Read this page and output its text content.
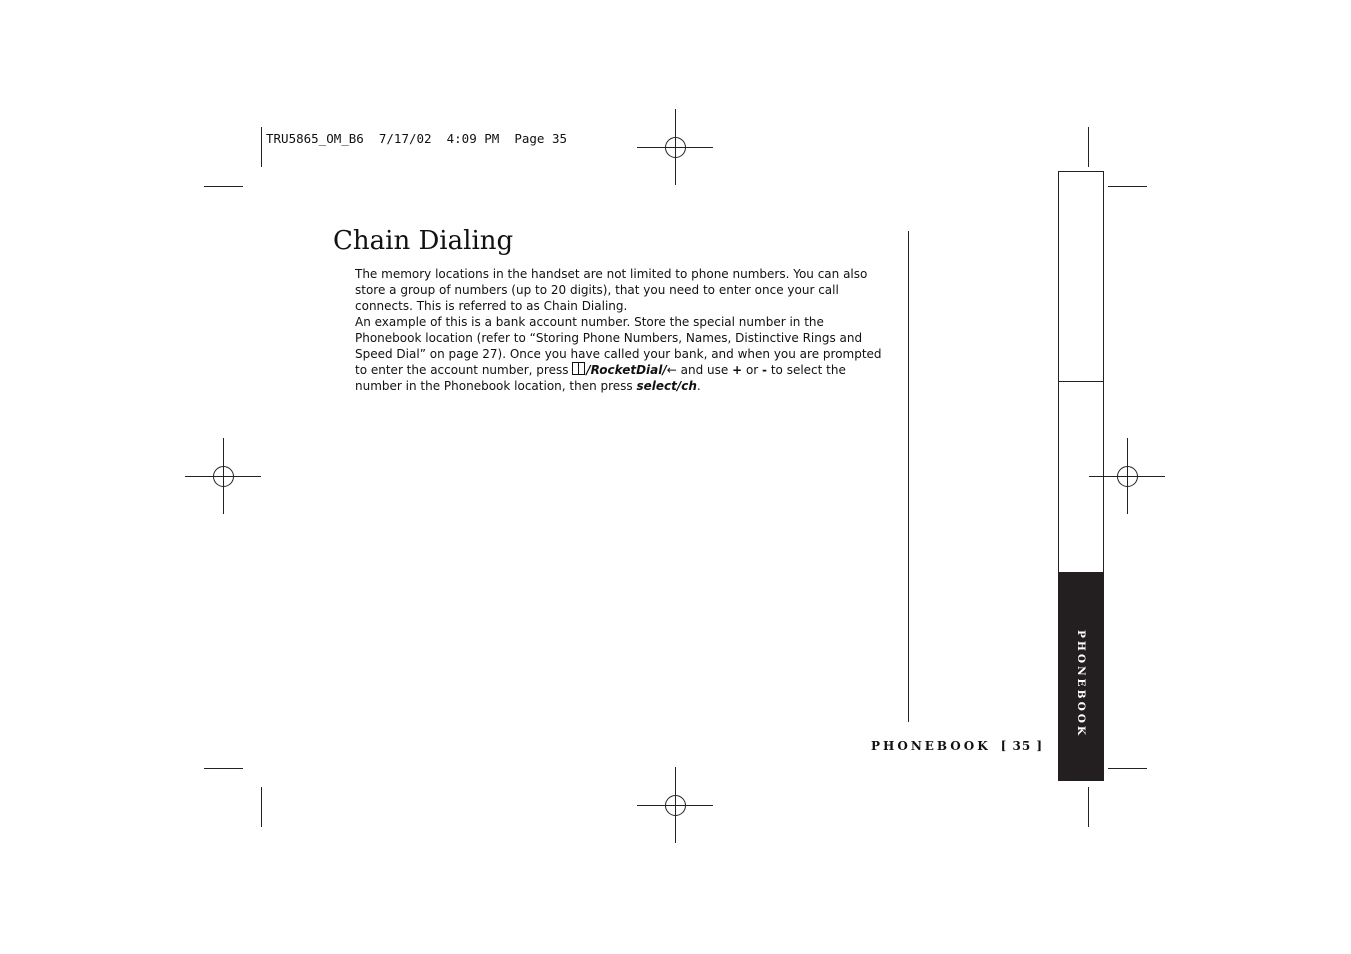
TRU5865_OM_B6  7/17/02  4:09 PM  Page 35
Chain Dialing

The memory locations in the handset are not limited to phone numbers. You can also store a group of numbers (up to 20 digits), that you need to enter once your call connects. This is referred to as Chain Dialing.

An example of this is a bank account number. Store the special number in the Phonebook location (refer to “Storing Phone Numbers, Names, Distinctive Rings and Speed Dial” on page 27). Once you have called your bank, and when you are prompted to enter the account number, press /RocketDial/← and use + or - to select the number in the Phonebook location, then press select/ch.

PHONEBOOK [ 35 ]
PHONEBOOK
